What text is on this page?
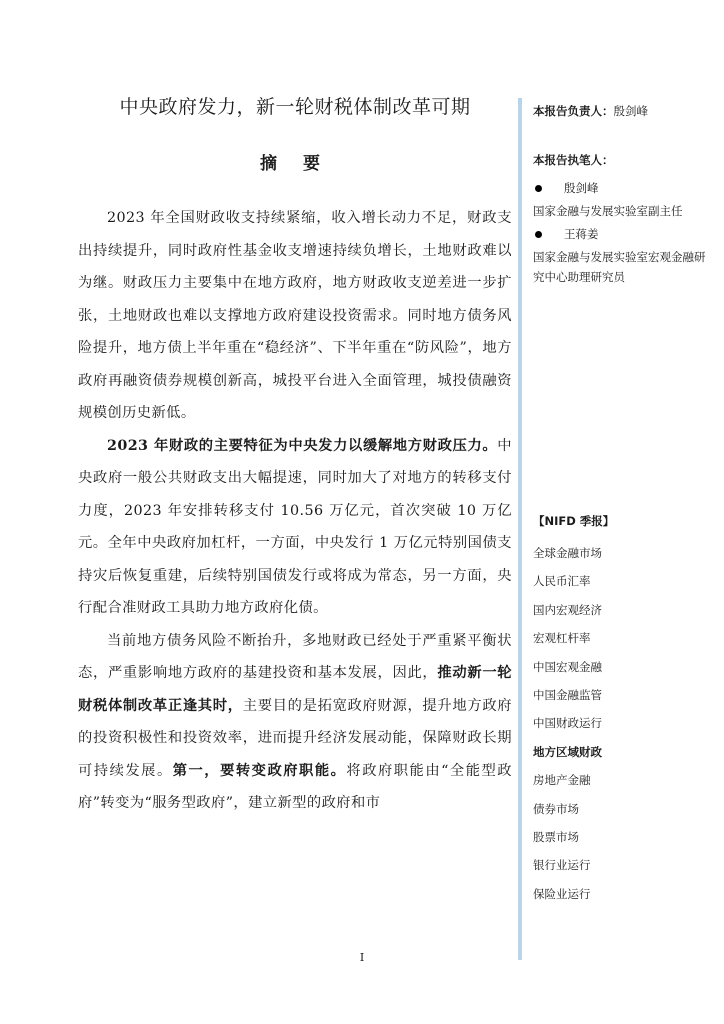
中央政府发力，新一轮财税体制改革可期
摘 要

2023 年全国财政收支持续紧缩，收入增长动力不足，财政支出持续提升，同时政府性基金收支增速持续负增长，土地财政难以为继。财政压力主要集中在地方政府，地方财政收支逆差进一步扩张，土地财政也难以支撑地方政府建设投资需求。同时地方债务风险提升，地方债上半年重在“稳经济”、下半年重在“防风险”，地方政府再融资债券规模创新高，城投平台进入全面管理，城投债融资规模创历史新低。

2023 年财政的主要特征为中央发力以缓解地方财政压力。中央政府一般公共财政支出大幅提速，同时加大了对地方的转移支付力度，2023 年安排转移支付 10.56 万亿元，首次突破 10 万亿元。全年中央政府加杠杆，一方面，中央发行 1 万亿元特别国债支持灾后恢复重建，后续特别国债发行或将成为常态，另一方面，央行配合准财政工具助力地方政府化债。

当前地方债务风险不断抬升，多地财政已经处于严重紧平衡状态，严重影响地方政府的基建投资和基本发展，因此，推动新一轮财税体制改革正逢其时，主要目的是拓宽政府财源，提升地方政府的投资积极性和投资效率，进而提升经济发展动能，保障财政长期可持续发展。第一，要转变政府职能。将政府职能由“全能型政府”转变为“服务型政府”，建立新型的政府和市

本报告负责人：殷剑峰
本报告执笔人：
殷剑峰
国家金融与发展实验室副主任
王蒋姜
国家金融与发展实验室宏观金融研究中心助理研究员
【NIFD 季报】
全球金融市场
人民币汇率
国内宏观经济
宏观杠杆率
中国宏观金融
中国金融监管
中国财政运行
地方区域财政
房地产金融
债券市场
股票市场
银行业运行
保险业运行
I
